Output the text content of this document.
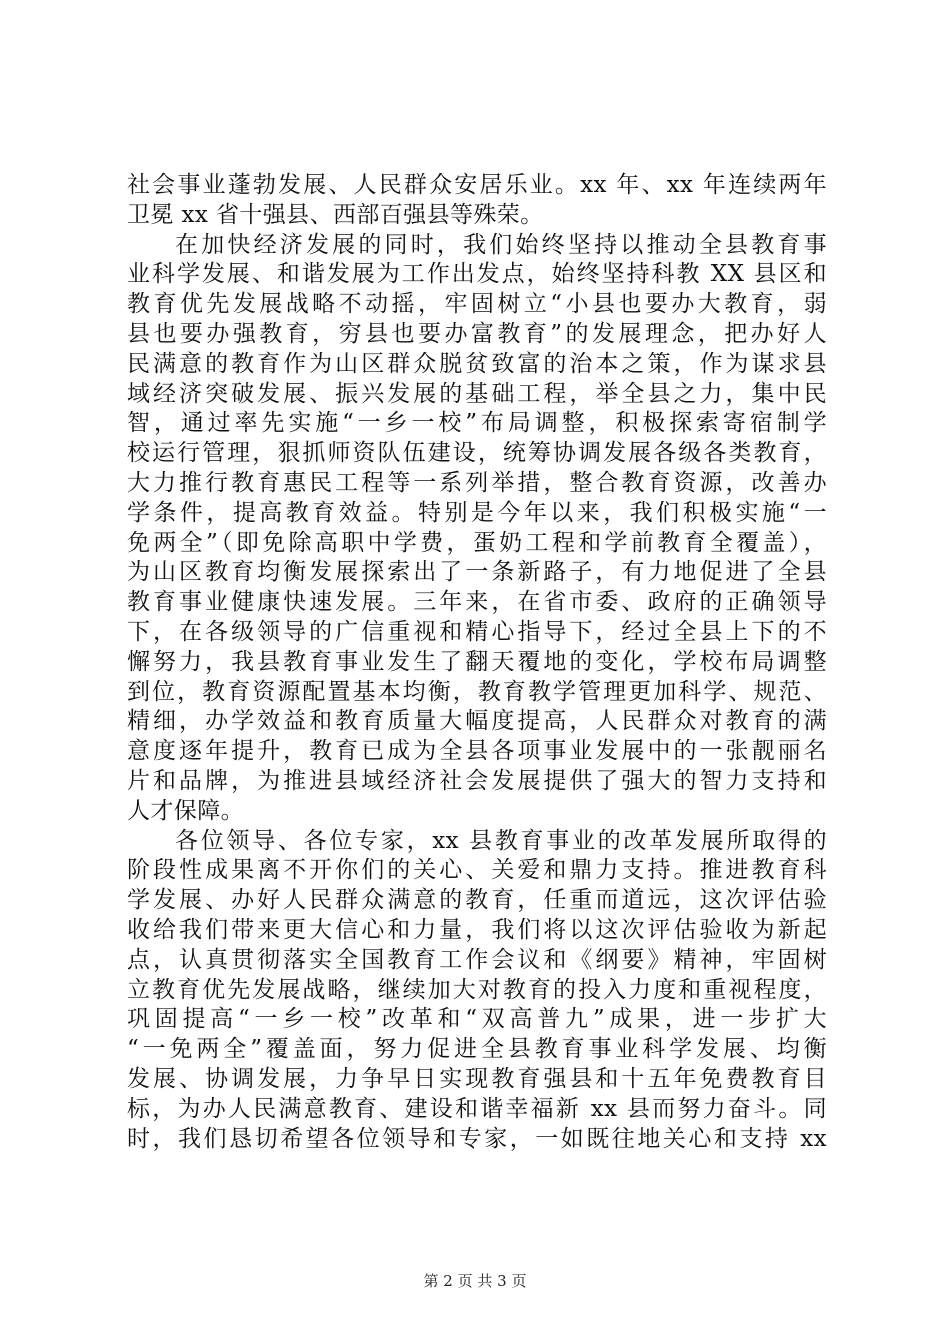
社会事业蓬勃发展、人民群众安居乐业。xx 年、xx 年连续两年
卫冕 xx 省十强县、西部百强县等殊荣。
在加快经济发展的同时，我们始终坚持以推动全县教育事
业科学发展、和谐发展为工作出发点，始终坚持科教 XX 县区和
教育优先发展战略不动摇，牢固树立“小县也要办大教育，弱
县也要办强教育，穷县也要办富教育”的发展理念，把办好人
民满意的教育作为山区群众脱贫致富的治本之策，作为谋求县
域经济突破发展、振兴发展的基础工程，举全县之力，集中民
智，通过率先实施“一乡一校”布局调整，积极探索寄宿制学
校运行管理，狠抓师资队伍建设，统筹协调发展各级各类教育，
大力推行教育惠民工程等一系列举措，整合教育资源，改善办
学条件，提高教育效益。特别是今年以来，我们积极实施“一
免两全”（即免除高职中学费，蛋奶工程和学前教育全覆盖），
为山区教育均衡发展探索出了一条新路子，有力地促进了全县
教育事业健康快速发展。三年来，在省市委、政府的正确领导
下，在各级领导的广信重视和精心指导下，经过全县上下的不
懈努力，我县教育事业发生了翻天覆地的变化，学校布局调整
到位，教育资源配置基本均衡，教育教学管理更加科学、规范、
精细，办学效益和教育质量大幅度提高，人民群众对教育的满
意度逐年提升，教育已成为全县各项事业发展中的一张靓丽名
片和品牌，为推进县域经济社会发展提供了强大的智力支持和
人才保障。
各位领导、各位专家，xx 县教育事业的改革发展所取得的
阶段性成果离不开你们的关心、关爱和鼎力支持。推进教育科
学发展、办好人民群众满意的教育，任重而道远，这次评估验
收给我们带来更大信心和力量，我们将以这次评估验收为新起
点，认真贯彻落实全国教育工作会议和《纲要》精神，牢固树
立教育优先发展战略，继续加大对教育的投入力度和重视程度，
巩固提高“一乡一校”改革和“双高普九”成果，进一步扩大
“一免两全”覆盖面，努力促进全县教育事业科学发展、均衡
发展、协调发展，力争早日实现教育强县和十五年免费教育目
标，为办人民满意教育、建设和谐幸福新 xx 县而努力奋斗。同
时，我们恳切希望各位领导和专家，一如既往地关心和支持 xx
第 2 页 共 3 页
